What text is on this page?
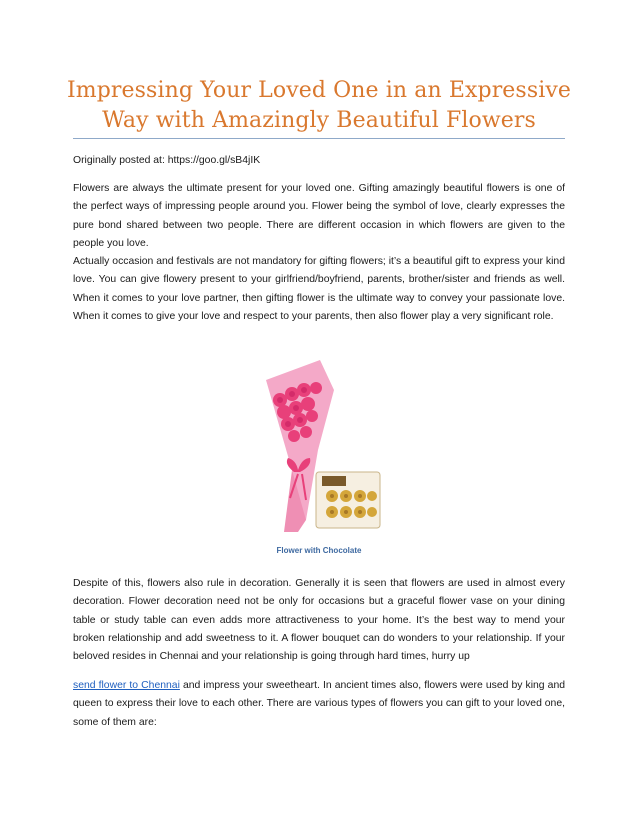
Impressing Your Loved One in an Expressive
Way with Amazingly Beautiful Flowers

Originally posted at: https://goo.gl/sB4jIK

Flowers are always the ultimate present for your loved one. Gifting amazingly beautiful flowers is one of the perfect ways of impressing people around you. Flower being the symbol of love, clearly expresses the pure bond shared between two people. There are different occasion in which flowers are given to the people you love.

Actually occasion and festivals are not mandatory for gifting flowers; it’s a beautiful gift to express your kind love. You can give flowery present to your girlfriend/boyfriend, parents, brother/sister and friends as well. When it comes to your love partner, then gifting flower is the ultimate way to convey your passionate love. When it comes to give your love and respect to your parents, then also flower play a very significant role.

Flower with Chocolate

Despite of this, flowers also rule in decoration. Generally it is seen that flowers are used in almost every decoration. Flower decoration need not be only for occasions but a graceful flower vase on your dining table or study table can even adds more attractiveness to your home. It’s the best way to mend your broken relationship and add sweetness to it. A flower bouquet can do wonders to your relationship. If your beloved resides in Chennai and your relationship is going through hard times, hurry up

send flower to Chennai and impress your sweetheart. In ancient times also, flowers were used by king and queen to express their love to each other. There are various types of flowers you can gift to your loved one, some of them are:
